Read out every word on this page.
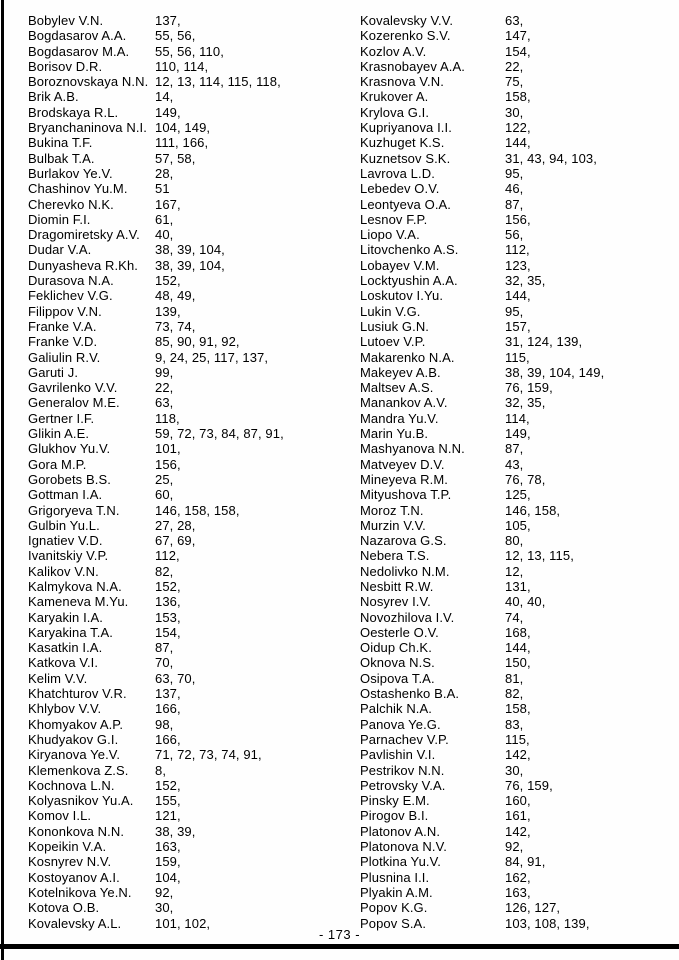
Bobylev V.N.	137,
Bogdasarov A.A.	55, 56,
Bogdasarov M.A.	55, 56, 110,
Borisov D.R.	110, 114,
Boroznovskaya N.N. 12, 13, 114, 115, 118,
Brik A.B.	14,
Brodskaya R.L.	149,
Bryanchaninova N.I. 104, 149,
Bukina T.F.	111, 166,
Bulbak T.A.	57, 58,
Burlakov Ye.V.	28,
Chashinov Yu.M.	51
Cherevko N.K.	167,
Diomin F.I.	61,
Dragomiretsky A.V.	40,
Dudar V.A.	38, 39, 104,
Dunyasheva R.Kh.	38, 39, 104,
Durasova N.A.	152,
Feklichev V.G.	48, 49,
Filippov V.N.	139,
Franke V.A.	73, 74,
Franke V.D.	85, 90, 91, 92,
Galiulin R.V.	9, 24, 25, 117, 137,
Garuti J.	99,
Gavrilenko V.V.	22,
Generalov M.E.	63,
Gertner I.F.	118,
Glikin A.E.	59, 72, 73, 84, 87, 91,
Glukhov Yu.V.	101,
Gora M.P.	156,
Gorobets B.S.	25,
Gottman I.A.	60,
Grigoryeva T.N.	146, 158, 158,
Gulbin Yu.L.	27, 28,
Ignatiev V.D.	67, 69,
Ivanitskiy V.P.	112,
Kalikov V.N.	82,
Kalmykova N.A.	152,
Kameneva M.Yu.	136,
Karyakin I.A.	153,
Karyakina T.A.	154,
Kasatkin I.A.	87,
Katkova V.I.	70,
Kelim V.V.	63, 70,
Khatchturov V.R.	137,
Khlybov V.V.	166,
Khomyakov A.P.	98,
Khudyakov G.I.	166,
Kiryanova Ye.V.	71, 72, 73, 74, 91,
Klemenkova Z.S.	8,
Kochnova L.N.	152,
Kolyasnikov Yu.A.	155,
Komov I.L.	121,
Kononkova N.N.	38, 39,
Kopeikin V.A.	163,
Kosnyrev N.V.	159,
Kostoyanov A.I.	104,
Kotelnikova Ye.N.	92,
Kotova O.B.	30,
Kovalevsky A.L.	101, 102,
Kovalevsky V.V.	63,
Kozerenko S.V.	147,
Kozlov A.V.	154,
Krasnobayev A.A.	22,
Krasnova V.N.	75,
Krukover A.	158,
Krylova G.I.	30,
Kupriyanova I.I.	122,
Kuzhuget K.S.	144,
Kuznetsov S.K.	31, 43, 94, 103,
Lavrova L.D.	95,
Lebedev O.V.	46,
Leontyeva O.A.	87,
Lesnov F.P.	156,
Liopo V.A.	56,
Litovchenko A.S.	112,
Lobayev V.M.	123,
Locktyushin A.A.	32, 35,
Loskutov I.Yu.	144,
Lukin V.G.	95,
Lusiuk G.N.	157,
Lutoev V.P.	31, 124, 139,
Makarenko N.A.	115,
Makeyev A.B.	38, 39, 104, 149,
Maltsev A.S.	76, 159,
Manankov A.V.	32, 35,
Mandra Yu.V.	114,
Marin Yu.B.	149,
Mashyanova N.N.	87,
Matveyev D.V.	43,
Mineyeva R.M.	76, 78,
Mityushova T.P.	125,
Moroz T.N.	146, 158,
Murzin V.V.	105,
Nazarova G.S.	80,
Nebera T.S.	12, 13, 115,
Nedolivko N.M.	12,
Nesbitt R.W.	131,
Nosyrev I.V.	40, 40,
Novozhilova I.V.	74,
Oesterle O.V.	168,
Oidup Ch.K.	144,
Oknova N.S.	150,
Osipova T.A.	81,
Ostashenko B.A.	82,
Palchik N.A.	158,
Panova Ye.G.	83,
Parnachev V.P.	115,
Pavlishin V.I.	142,
Pestrikov N.N.	30,
Petrovsky V.A.	76, 159,
Pinsky E.M.	160,
Pirogov B.I.	161,
Platonov A.N.	142,
Platonova N.V.	92,
Plotkina Yu.V.	84, 91,
Plusnina I.I.	162,
Plyakin A.M.	163,
Popov K.G.	126, 127,
Popov S.A.	103, 108, 139,
- 173 -
